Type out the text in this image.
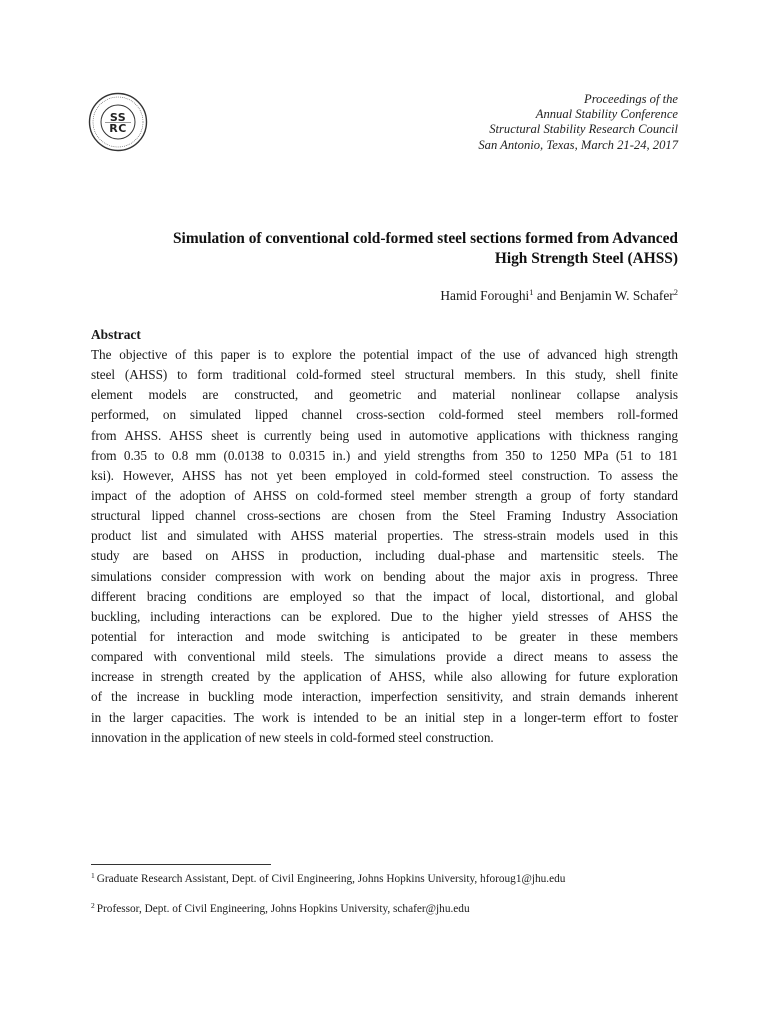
SS
RC
Proceedings of the
Annual Stability Conference
Structural Stability Research Council
San Antonio, Texas, March 21-24, 2017
Simulation of conventional cold-formed steel sections formed from Advanced
High Strength Steel (AHSS)
Hamid Foroughi$^1$ and Benjamin W. Schafer$^2$
Abstract
The objective of this paper is to explore the potential impact of the use of advanced high strength
steel (AHSS) to form traditional cold-formed steel structural members. In this study, shell finite
element models are constructed, and geometric and material nonlinear collapse analysis
performed, on simulated lipped channel cross-section cold-formed steel members roll-formed
from AHSS. AHSS sheet is currently being used in automotive applications with thickness ranging
from 0.35 to 0.8 mm (0.0138 to 0.0315 in.) and yield strengths from 350 to 1250 MPa (51 to 181
ksi). However, AHSS has not yet been employed in cold-formed steel construction. To assess the
impact of the adoption of AHSS on cold-formed steel member strength a group of forty standard
structural lipped channel cross-sections are chosen from the Steel Framing Industry Association
product list and simulated with AHSS material properties. The stress-strain models used in this
study are based on AHSS in production, including dual-phase and martensitic steels. The
simulations consider compression with work on bending about the major axis in progress. Three
different bracing conditions are employed so that the impact of local, distortional, and global
buckling, including interactions can be explored. Due to the higher yield stresses of AHSS the
potential for interaction and mode switching is anticipated to be greater in these members
compared with conventional mild steels. The simulations provide a direct means to assess the
increase in strength created by the application of AHSS, while also allowing for future exploration
of the increase in buckling mode interaction, imperfection sensitivity, and strain demands inherent
in the larger capacities. The work is intended to be an initial step in a longer-term effort to foster
innovation in the application of new steels in cold-formed steel construction.
$^1$ Graduate Research Assistant, Dept. of Civil Engineering, Johns Hopkins University, hforoug1@jhu.edu
$^2$ Professor, Dept. of Civil Engineering, Johns Hopkins University, schafer@jhu.edu
